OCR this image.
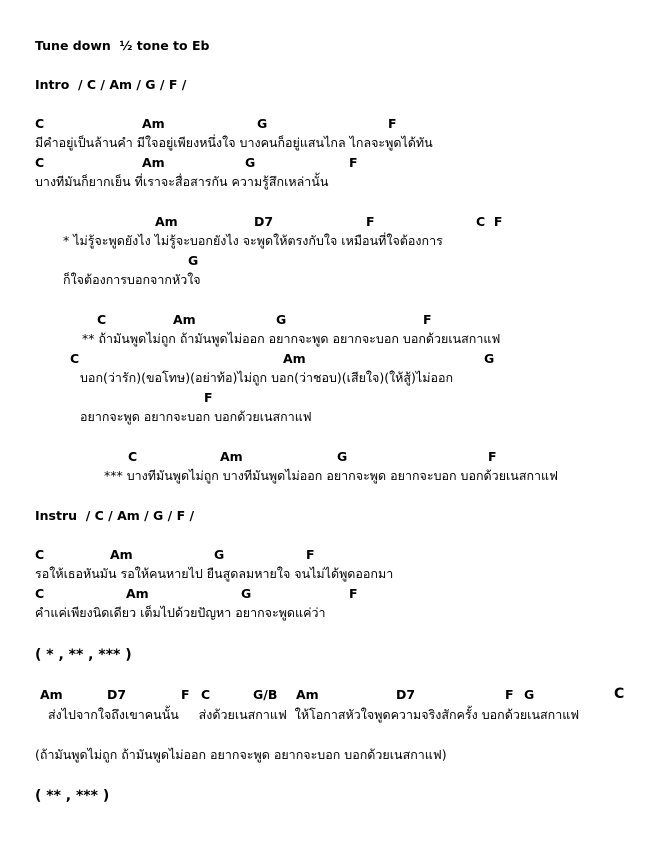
Tune down  ½ tone to Eb
Intro  / C / Am / G / F /
C	Am	G	F
มีคำอยู่เป็นล้านคำ มีใจอยู่เพียงหนึ่งใจ บางคนก็อยู่แสนไกล ไกลจะพูดได้ทัน
C	Am	G	F
บางทีมันก็ยากเย็น ที่เราจะสื่อสารกัน ความรู้สึกเหล่านั้น
Am	D7	F	C  F
* ไม่รู้จะพูดยังไง ไม่รู้จะบอกยังไง จะพูดให้ตรงกับใจ เหมือนที่ใจต้องการ
G
ก็ใจต้องการบอกจากหัวใจ
C	Am	G	F
** ถ้ามันพูดไม่ถูก ถ้ามันพูดไม่ออก อยากจะพูด อยากจะบอก บอกด้วยเนสกาแฟ
C	Am	G
บอก(ว่ารัก)(ขอโทษ)(อย่าท้อ)ไม่ถูก บอก(ว่าชอบ)(เสียใจ)(ให้สู้)ไม่ออก
F
อยากจะพูด อยากจะบอก บอกด้วยเนสกาแฟ
C	Am	G	F
*** บางทีมันพูดไม่ถูก บางทีมันพูดไม่ออก อยากจะพูด อยากจะบอก บอกด้วยเนสกาแฟ
Instru  / C / Am / G / F /
C	Am	G	F
รอให้เธอหันมัน รอให้คนหายไป ยืนสูดลมหายใจ จนไม่ได้พูดออกมา
C	Am	G	F
คำแค่เพียงนิดเดียว เต็มไปด้วยปัญหา อยากจะพูดแค่ว่า
( * , ** , *** )
Am	D7	F C	G/B Am	D7	F G	C
ส่งไปจากใจถึงเขาคนนั้น     ส่งด้วยเนสกาแฟ  ให้โอกาสหัวใจพูดความจริงสักครั้ง บอกด้วยเนสกาแฟ
(ถ้ามันพูดไม่ถูก ถ้ามันพูดไม่ออก อยากจะพูด อยากจะบอก บอกด้วยเนสกาแฟ)
( ** , *** )
